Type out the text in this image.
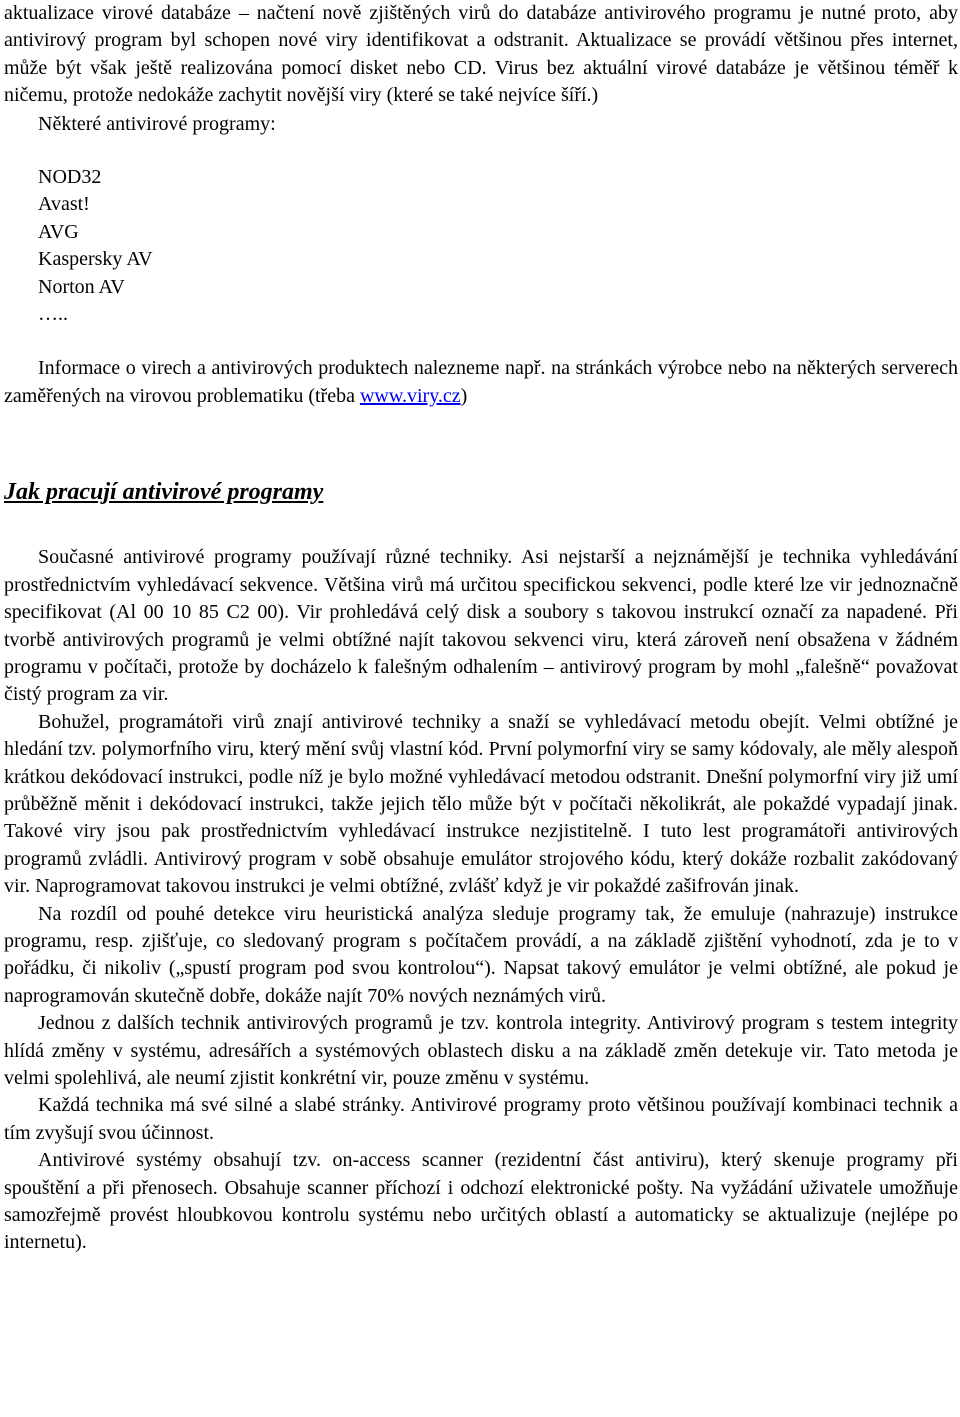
aktualizace virové databáze – načtení nově zjištěných virů do databáze antivirového programu je nutné proto, aby antivirový program byl schopen nové viry identifikovat a odstranit. Aktualizace se provádí většinou přes internet, může být však ještě realizována pomocí disket nebo CD. Virus bez aktuální virové databáze je většinou téměř k ničemu, protože nedokáže zachytit novější viry (které se také nejvíce šíří.)

Některé antivirové programy:

NOD32
Avast!
AVG
Kaspersky AV
Norton AV
…..

Informace o virech a antivirových produktech nalezneme např. na stránkách výrobce nebo na některých serverech zaměřených na virovou problematiku (třeba www.viry.cz)

Jak pracují antivirové programy

Současné antivirové programy používají různé techniky. Asi nejstarší a nejznámější je technika vyhledávání prostřednictvím vyhledávací sekvence. Většina virů má určitou specifickou sekvenci, podle které lze vir jednoznačně specifikovat (Al 00 10 85 C2 00). Vir prohledává celý disk a soubory s takovou instrukcí označí za napadené. Při tvorbě antivirových programů je velmi obtížné najít takovou sekvenci viru, která zároveň není obsažena v žádném programu v počítači, protože by docházelo k falešným odhalením – antivirový program by mohl „falešně“ považovat čistý program za vir.

Bohužel, programátoři virů znají antivirové techniky a snaží se vyhledávací metodu obejít. Velmi obtížné je hledání tzv. polymorfního viru, který mění svůj vlastní kód. První polymorfní viry se samy kódovaly, ale měly alespoň krátkou dekódovací instrukci, podle níž je bylo možné vyhledávací metodou odstranit. Dnešní polymorfní viry již umí průběžně měnit i dekódovací instrukci, takže jejich tělo může být v počítači několikrát, ale pokaždé vypadají jinak. Takové viry jsou pak prostřednictvím vyhledávací instrukce nezjistitelně. I tuto lest programátoři antivirových programů zvládli. Antivirový program v sobě obsahuje emulátor strojového kódu, který dokáže rozbalit zakódovaný vir. Naprogramovat takovou instrukci je velmi obtížné, zvlášť když je vir pokaždé zašifrován jinak.

Na rozdíl od pouhé detekce viru heuristická analýza sleduje programy tak, že emuluje (nahrazuje) instrukce programu, resp. zjišťuje, co sledovaný program s počítačem provádí, a na základě zjištění vyhodnotí, zda je to v pořádku, či nikoliv („spustí program pod svou kontrolou“). Napsat takový emulátor je velmi obtížné, ale pokud je naprogramován skutečně dobře, dokáže najít 70% nových neznámých virů.

Jednou z dalších technik antivirových programů je tzv. kontrola integrity. Antivirový program s testem integrity hlídá změny v systému, adresářích a systémových oblastech disku a na základě změn detekuje vir. Tato metoda je velmi spolehlivá, ale neumí zjistit konkrétní vir, pouze změnu v systému.

Každá technika má své silné a slabé stránky. Antivirové programy proto většinou používají kombinaci technik a tím zvyšují svou účinnost.

Antivirové systémy obsahují tzv. on-access scanner (rezidentní část antiviru), který skenuje programy při spouštění a při přenosech. Obsahuje scanner příchozí i odchozí elektronické pošty. Na vyžádání uživatele umožňuje samozřejmě provést hloubkovou kontrolu systému nebo určitých oblastí a automaticky se aktualizuje (nejlépe po internetu).
